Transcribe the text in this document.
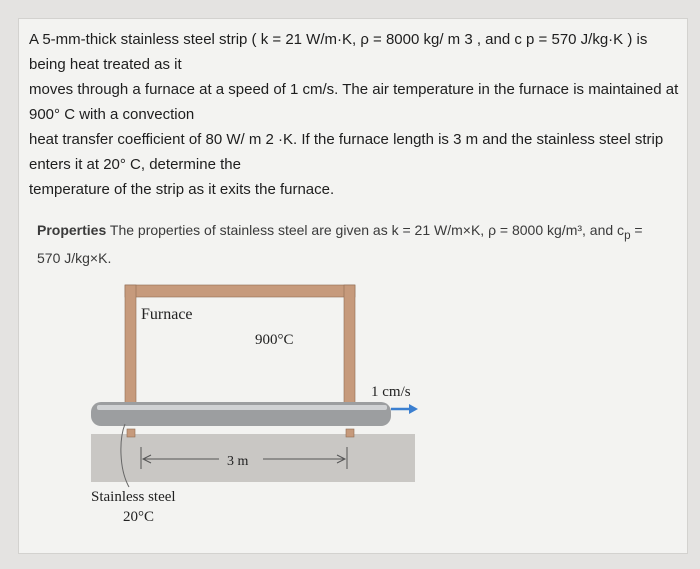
A 5-mm-thick stainless steel strip ( k = 21 W/m·K, ρ = 8000 kg/ m 3 , and c p = 570 J/kg·K ) is
being heat treated as it
moves through a furnace at a speed of 1 cm/s. The air temperature in the furnace is maintained at
900° C with a convection
heat transfer coefficient of 80 W/ m 2 ·K. If the furnace length is 3 m and the stainless steel strip
enters it at 20° C, determine the
temperature of the strip as it exits the furnace.
Properties The properties of stainless steel are given as k = 21 W/m×K, ρ = 8000 kg/m³, and $c_p$ =
570 J/kg×K.
Furnace
900°C
1 cm/s
3 m
Stainless steel
20°C
